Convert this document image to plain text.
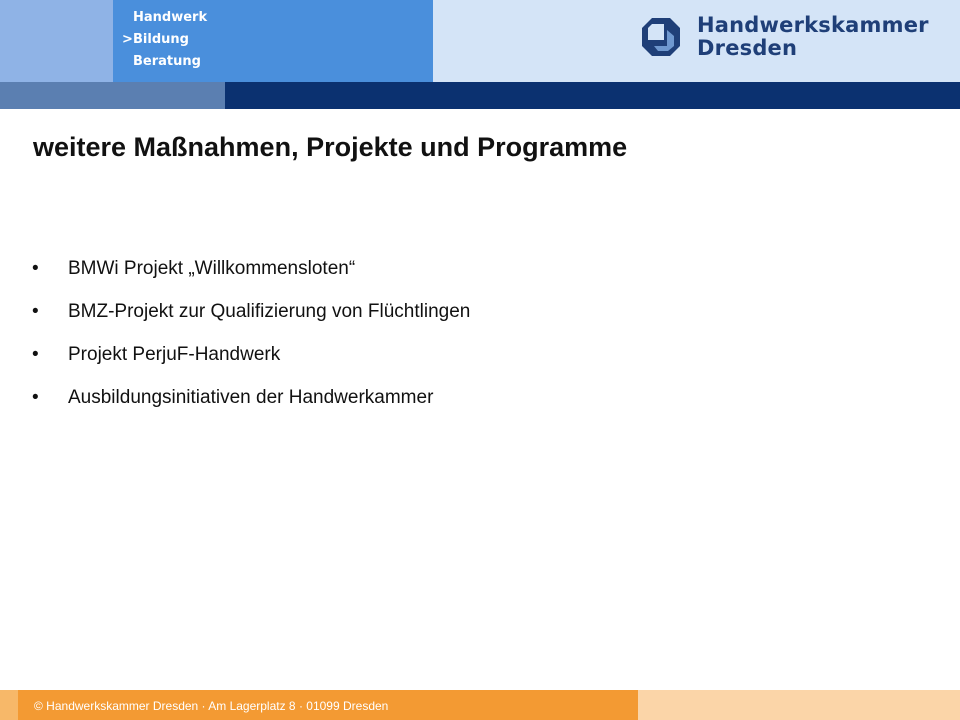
Handwerk
> Bildung
Beratung
Handwerkskammer
Dresden
weitere Maßnahmen, Projekte und Programme
• BMWi Projekt „Willkommensloten“
• BMZ-Projekt zur Qualifizierung von Flüchtlingen
• Projekt PerjuF-Handwerk
• Ausbildungsinitiativen der Handwerkammer
© Handwerkskammer Dresden · Am Lagerplatz 8 · 01099 Dresden
